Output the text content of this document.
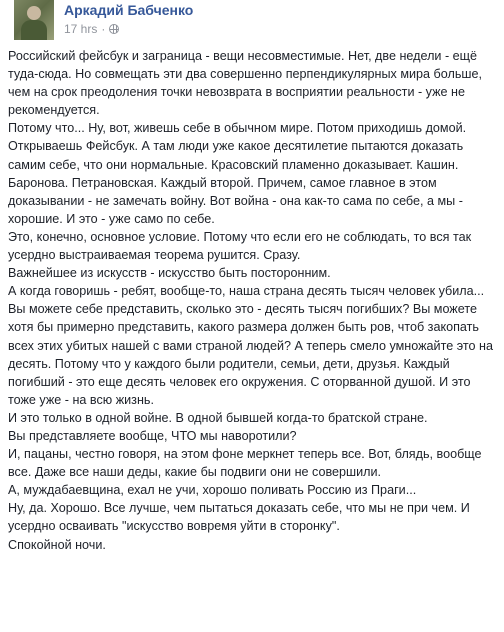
Аркадий Бабченко
17 hrs ·

Российский фейсбук и заграница - вещи несовместимые. Нет, две недели - ещё туда-сюда. Но совмещать эти два совершенно перпендикулярных мира больше, чем на срок преодоления точки невозврата в восприятии реальности - уже не рекомендуется.

Потому что... Ну, вот, живешь себе в обычном мире. Потом приходишь домой. Открываешь Фейсбук. А там люди уже какое десятилетие пытаются доказать самим себе, что они нормальные. Красовский пламенно доказывает. Кашин. Баронова. Петрановская. Каждый второй. Причем, самое главное в этом доказывании - не замечать войну. Вот война - она как-то сама по себе, а мы - хорошие. И это - уже само по себе.

Это, конечно, основное условие. Потому что если его не соблюдать, то вся так усердно выстраиваемая теорема рушится. Сразу.

Важнейшее из искусств - искусство быть посторонним.

А когда говоришь - ребят, вообще-то, наша страна десять тысяч человек убила... Вы можете себе представить, сколько это - десять тысяч погибших? Вы можете хотя бы примерно представить, какого размера должен быть ров, чтоб закопать всех этих убитых нашей с вами страной людей? А теперь смело умножайте это на десять. Потому что у каждого были родители, семьи, дети, друзья. Каждый погибший - это еще десять человек его окружения. С оторванной душой. И это тоже уже - на всю жизнь.

И это только в одной войне. В одной бывшей когда-то братской стране.

Вы представляете вообще, ЧТО мы наворотили?

И, пацаны, честно говоря, на этом фоне меркнет теперь все. Вот, блядь, вообще все. Даже все наши деды, какие бы подвиги они не совершили.

А, муждабаевщина, ехал не учи, хорошо поливать Россию из Праги...

Ну, да. Хорошо. Все лучше, чем пытаться доказать себе, что мы не при чем. И усердно осваивать "искусство вовремя уйти в сторонку".

Спокойной ночи.
